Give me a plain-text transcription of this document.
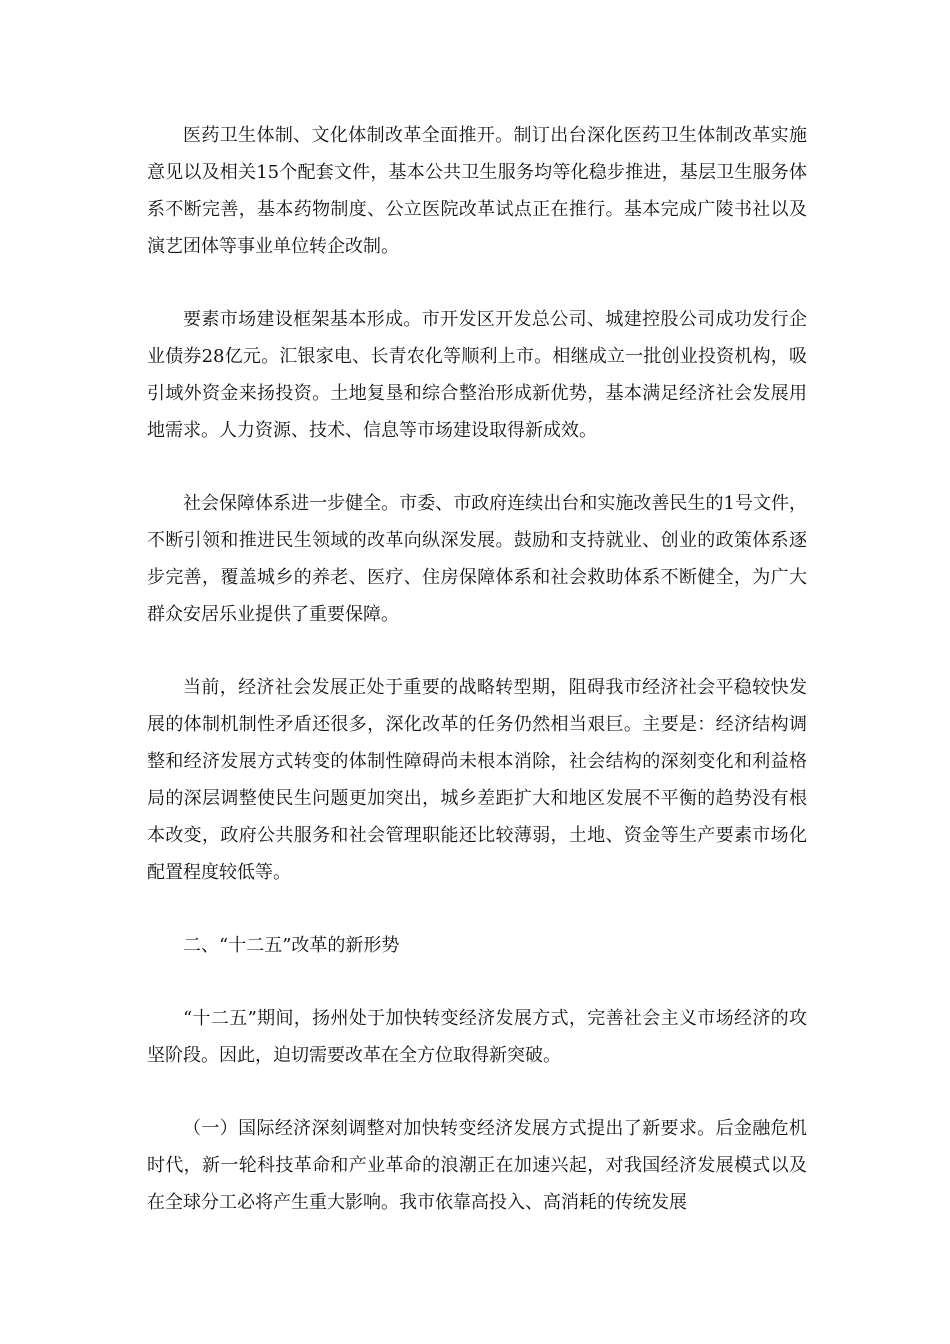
医药卫生体制、文化体制改革全面推开。制订出台深化医药卫生体制改革实施意见以及相关15个配套文件，基本公共卫生服务均等化稳步推进，基层卫生服务体系不断完善，基本药物制度、公立医院改革试点正在推行。基本完成广陵书社以及演艺团体等事业单位转企改制。

要素市场建设框架基本形成。市开发区开发总公司、城建控股公司成功发行企业债券28亿元。汇银家电、长青农化等顺利上市。相继成立一批创业投资机构，吸引域外资金来扬投资。土地复垦和综合整治形成新优势，基本满足经济社会发展用地需求。人力资源、技术、信息等市场建设取得新成效。

社会保障体系进一步健全。市委、市政府连续出台和实施改善民生的1号文件，不断引领和推进民生领域的改革向纵深发展。鼓励和支持就业、创业的政策体系逐步完善，覆盖城乡的养老、医疗、住房保障体系和社会救助体系不断健全，为广大群众安居乐业提供了重要保障。

当前，经济社会发展正处于重要的战略转型期，阻碍我市经济社会平稳较快发展的体制机制性矛盾还很多，深化改革的任务仍然相当艰巨。主要是：经济结构调整和经济发展方式转变的体制性障碍尚未根本消除，社会结构的深刻变化和利益格局的深层调整使民生问题更加突出，城乡差距扩大和地区发展不平衡的趋势没有根本改变，政府公共服务和社会管理职能还比较薄弱，土地、资金等生产要素市场化配置程度较低等。

二、“十二五”改革的新形势

“十二五”期间，扬州处于加快转变经济发展方式，完善社会主义市场经济的攻坚阶段。因此，迫切需要改革在全方位取得新突破。

（一）国际经济深刻调整对加快转变经济发展方式提出了新要求。后金融危机时代，新一轮科技革命和产业革命的浪潮正在加速兴起，对我国经济发展模式以及在全球分工必将产生重大影响。我市依靠高投入、高消耗的传统发展
